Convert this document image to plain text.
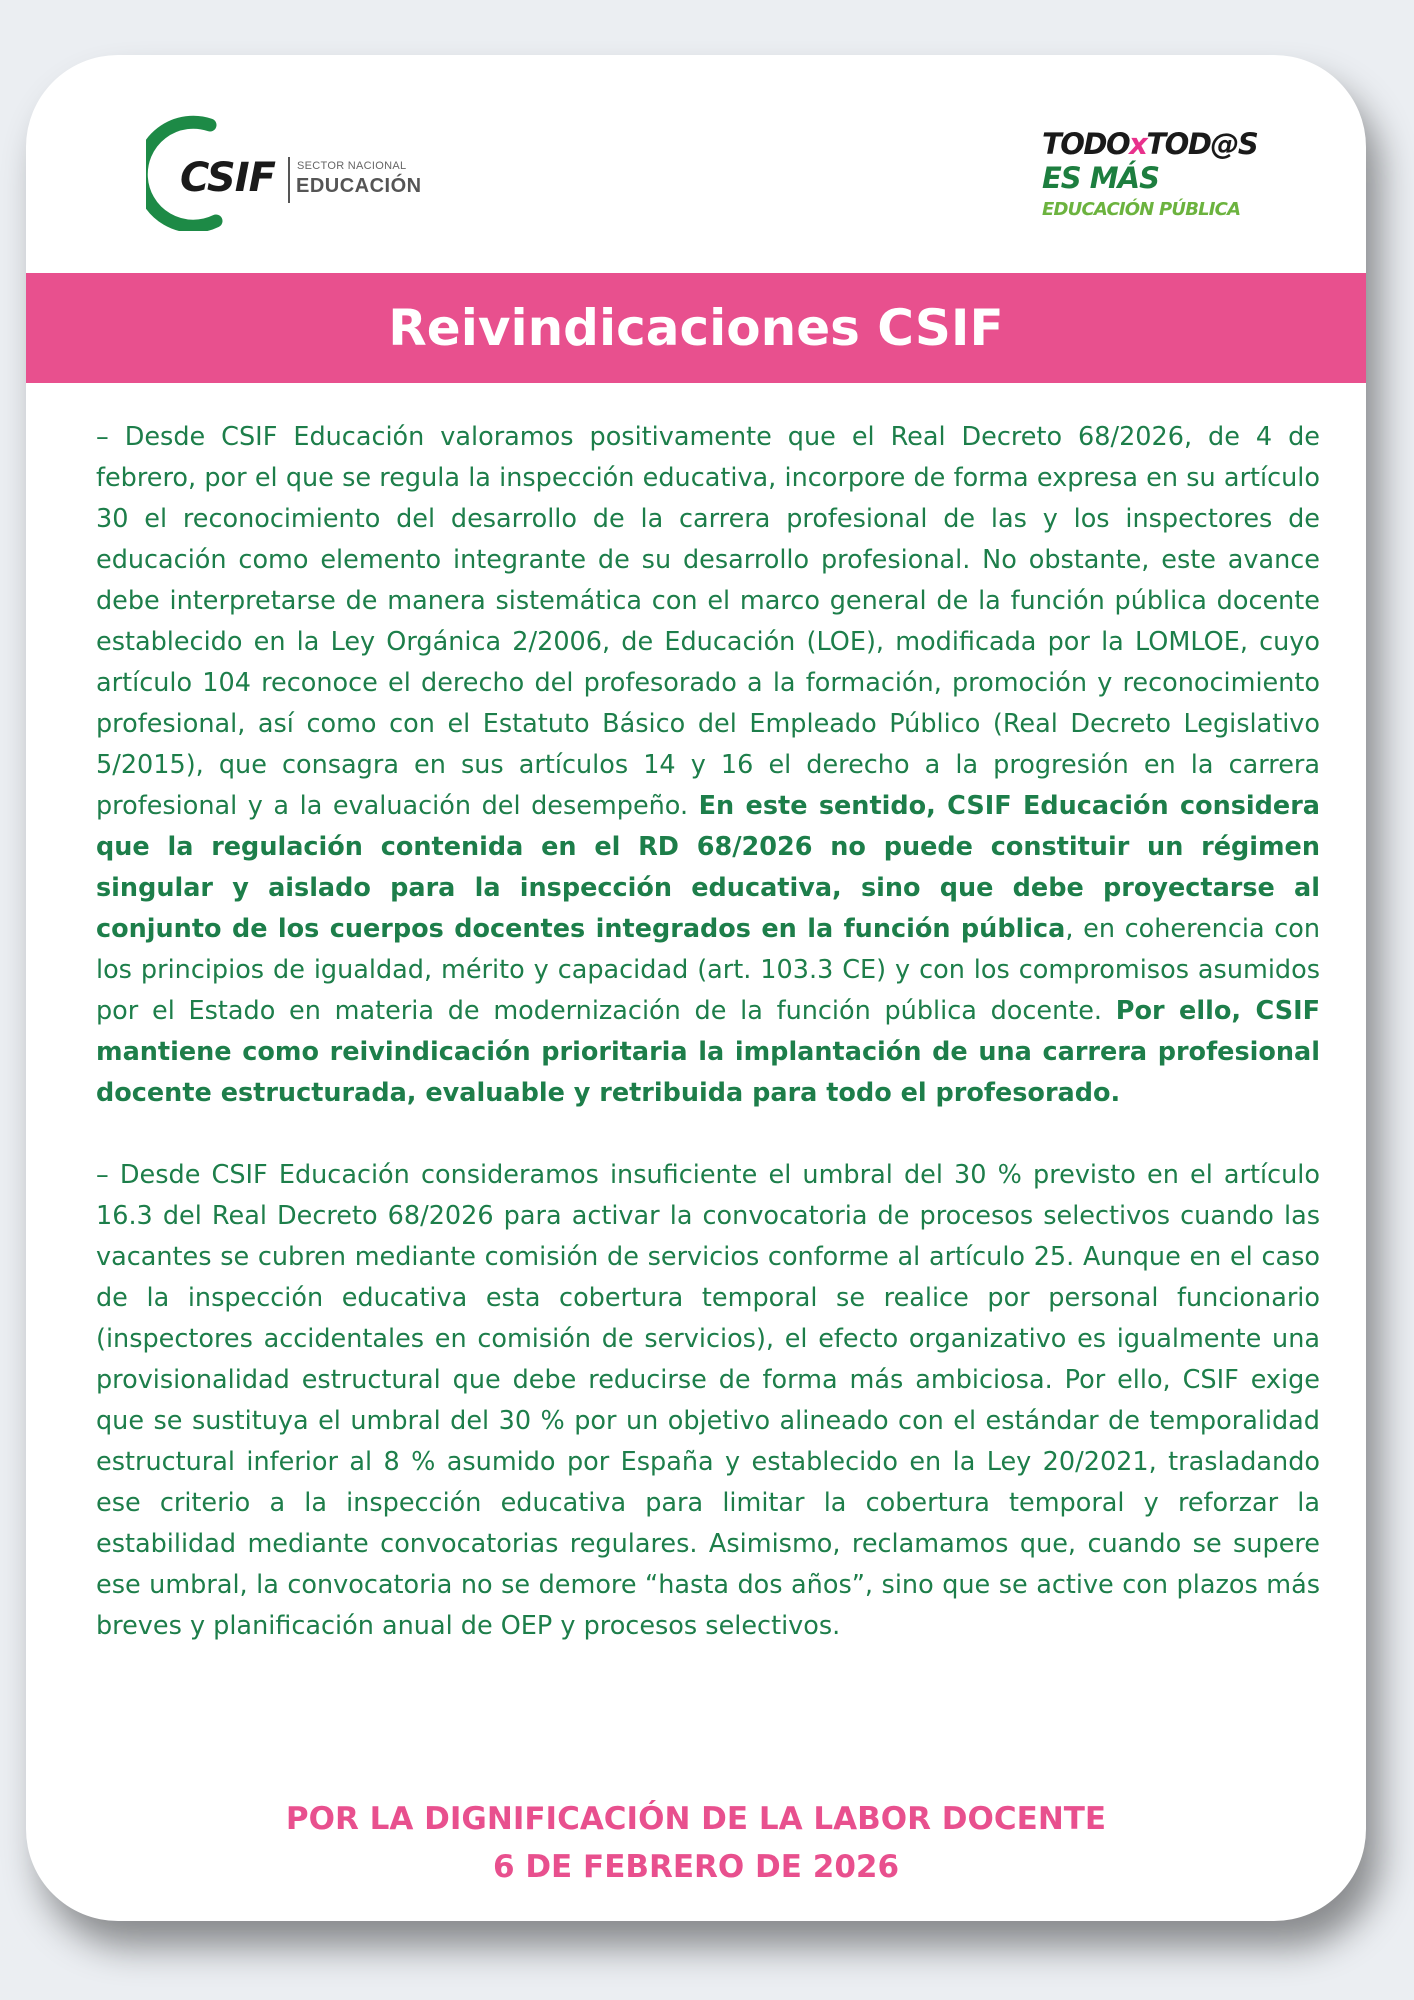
CSIF SECTOR NACIONAL
EDUCACIÓN
TODOxTOD@S
ES MÁS
EDUCACIÓN PÚBLICA
Reivindicaciones CSIF

– Desde CSIF Educación valoramos positivamente que el Real Decreto 68/2026, de 4 de febrero, por el que se regula la inspección educativa, incorpore de forma expresa en su artículo 30 el reconocimiento del desarrollo de la carrera profesional de las y los inspectores de educación como elemento integrante de su desarrollo profesional. No obstante, este avance debe interpretarse de manera sistemática con el marco general de la función pública docente establecido en la Ley Orgánica 2/2006, de Educación (LOE), modificada por la LOMLOE, cuyo artículo 104 reconoce el derecho del profesorado a la formación, promoción y reconocimiento profesional, así como con el Estatuto Básico del Empleado Público (Real Decreto Legislativo 5/2015), que consagra en sus artículos 14 y 16 el derecho a la progresión en la carrera profesional y a la evaluación del desempeño. En este sentido, CSIF Educación considera que la regulación contenida en el RD 68/2026 no puede constituir un régimen singular y aislado para la inspección educativa, sino que debe proyectarse al conjunto de los cuerpos docentes integrados en la función pública, en coherencia con los principios de igualdad, mérito y capacidad (art. 103.3 CE) y con los compromisos asumidos por el Estado en materia de modernización de la función pública docente. Por ello, CSIF mantiene como reivindicación prioritaria la implantación de una carrera profesional docente estructurada, evaluable y retribuida para todo el profesorado.

– Desde CSIF Educación consideramos insuficiente el umbral del 30 % previsto en el artículo 16.3 del Real Decreto 68/2026 para activar la convocatoria de procesos selectivos cuando las vacantes se cubren mediante comisión de servicios conforme al artículo 25. Aunque en el caso de la inspección educativa esta cobertura temporal se realice por personal funcionario (inspectores accidentales en comisión de servicios), el efecto organizativo es igualmente una provisionalidad estructural que debe reducirse de forma más ambiciosa. Por ello, CSIF exige que se sustituya el umbral del 30 % por un objetivo alineado con el estándar de temporalidad estructural inferior al 8 % asumido por España y establecido en la Ley 20/2021, trasladando ese criterio a la inspección educativa para limitar la cobertura temporal y reforzar la estabilidad mediante convocatorias regulares. Asimismo, reclamamos que, cuando se supere ese umbral, la convocatoria no se demore “hasta dos años”, sino que se active con plazos más breves y planificación anual de OEP y procesos selectivos.

POR LA DIGNIFICACIÓN DE LA LABOR DOCENTE
6 DE FEBRERO DE 2026
